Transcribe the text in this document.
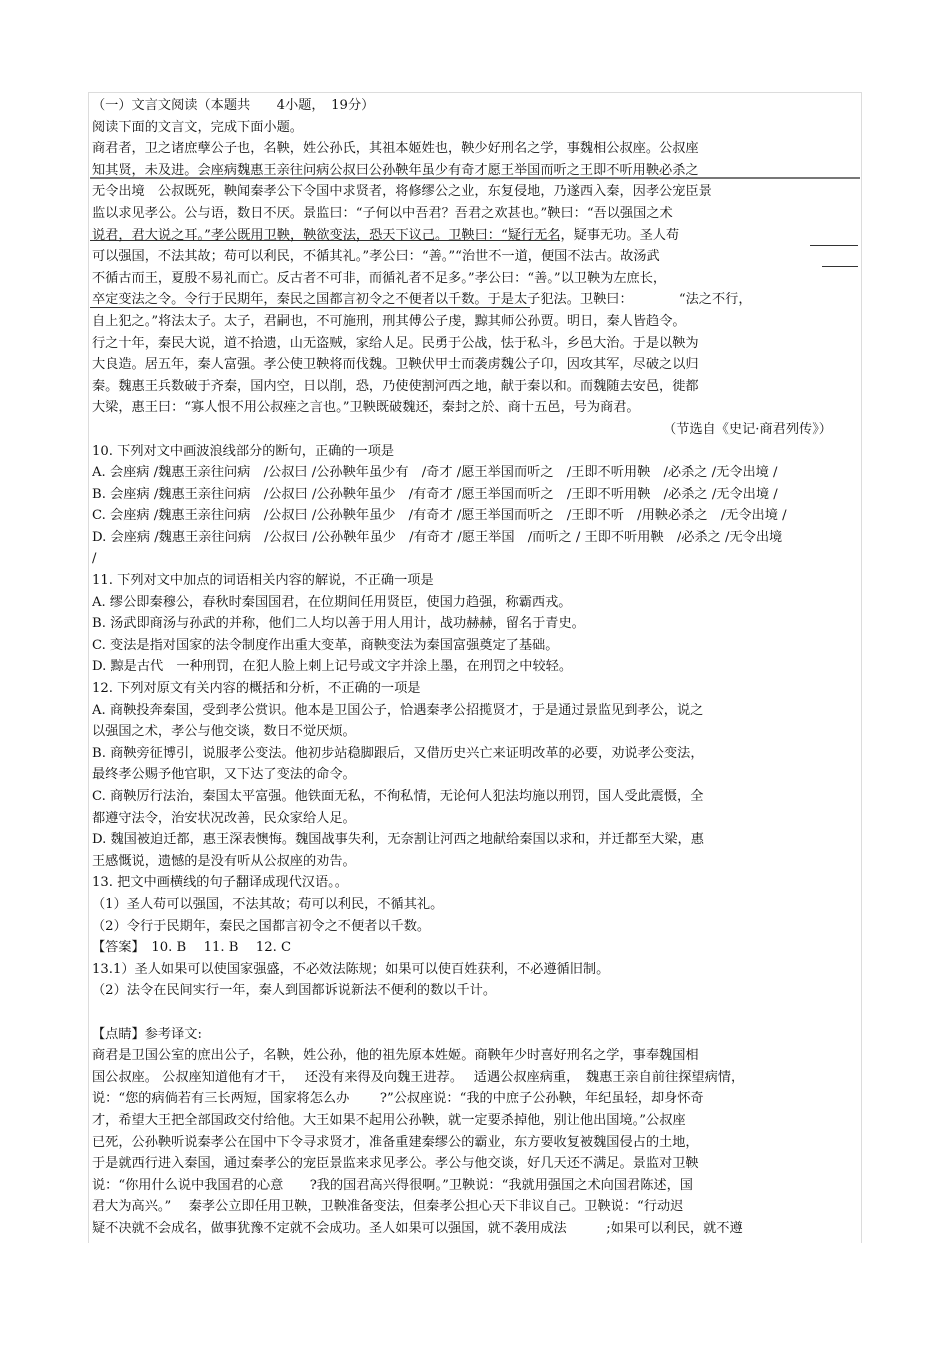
（一）文言文阅读（本题共　　4小题，　19分）
阅读下面的文言文，完成下面小题。
商君者，卫之诸庶孽公子也，名鞅，姓公孙氏，其祖本姬姓也，鞅少好刑名之学，事魏相公叔座。公叔座
知其贤，未及进。会座病魏惠王亲往问病公叔曰公孙鞅年虽少有奇才愿王举国而听之王即不听用鞅必杀之
无令出境　公叔既死，鞅闻秦孝公下令国中求贤者，将修缪公之业，东复侵地，乃遂西入秦，因孝公宠臣景
监以求见孝公。公与语，数日不厌。景监曰：“子何以中吾君？吾君之欢甚也。”鞅曰：“吾以强国之术
说君，君大说之耳。”孝公既用卫鞅，鞅欲变法，恐天下议己。卫鞅曰：“疑行无名，疑事无功。圣人苟
可以强国，不法其故；苟可以利民，不循其礼。”孝公曰：“善。”“治世不一道，便国不法古。故汤武
不循古而王，夏殷不易礼而亡。反古者不可非，而循礼者不足多。”孝公曰：“善。”以卫鞅为左庶长，
卒定变法之令。令行于民期年，秦民之国都言初令之不便者以千数。于是太子犯法。卫鞅曰：　　　　“法之不行，
自上犯之。”将法太子。太子，君嗣也，不可施刑，刑其傅公子虔，黥其师公孙贾。明日，秦人皆趋令。
行之十年，秦民大说，道不拾遗，山无盗贼，家给人足。民勇于公战，怯于私斗，乡邑大治。于是以鞅为
大良造。居五年，秦人富强。孝公使卫鞅将而伐魏。卫鞅伏甲士而袭虏魏公子卬，因攻其军，尽破之以归
秦。魏惠王兵数破于齐秦，国内空，日以削，恐，乃使使割河西之地，献于秦以和。而魏随去安邑，徙都
大梁，惠王曰：“寡人恨不用公叔痤之言也。”卫鞅既破魏还，秦封之於、商十五邑，号为商君。
（节选自《史记·商君列传》）
10. 下列对文中画波浪线部分的断句，正确的一项是
A. 会座病 /魏惠王亲往问病　/公叔曰 /公孙鞅年虽少有　/奇才 /愿王举国而听之　/王即不听用鞅　/必杀之 /无令出境 /
B. 会座病 /魏惠王亲往问病　/公叔曰 /公孙鞅年虽少　/有奇才 /愿王举国而听之　/王即不听用鞅　/必杀之 /无令出境 /
C. 会座病 /魏惠王亲往问病　/公叔曰 /公孙鞅年虽少　/有奇才 /愿王举国而听之　/王即不听　/用鞅必杀之　/无令出境 /
D. 会座病 /魏惠王亲往问病　/公叔曰 /公孙鞅年虽少　/有奇才 /愿王举国　/而听之 / 王即不听用鞅　/必杀之 /无令出境
/
11. 下列对文中加点的词语相关内容的解说，不正确一项是
A. 缪公即秦穆公，春秋时秦国国君，在位期间任用贤臣，使国力趋强，称霸西戎。
B. 汤武即商汤与孙武的并称，他们二人均以善于用人用计，战功赫赫，留名于青史。
C. 变法是指对国家的法令制度作出重大变革，商鞅变法为秦国富强奠定了基础。
D. 黥是古代　一种刑罚，在犯人脸上刺上记号或文字并涂上墨，在刑罚之中较轻。
12. 下列对原文有关内容的概括和分析，不正确的一项是
A. 商鞅投奔秦国，受到孝公赏识。他本是卫国公子，恰遇秦孝公招揽贤才，于是通过景监见到孝公，说之
以强国之术，孝公与他交谈，数日不觉厌烦。
B. 商鞅旁征博引，说服孝公变法。他初步站稳脚跟后，又借历史兴亡来证明改革的必要，劝说孝公变法，
最终孝公赐予他官职，又下达了变法的命令。
C. 商鞅厉行法治，秦国太平富强。他铁面无私，不徇私情，无论何人犯法均施以刑罚，国人受此震慑，全
都遵守法令，治安状况改善，民众家给人足。
D. 魏国被迫迁都，惠王深表懊悔。魏国战事失利，无奈割让河西之地献给秦国以求和，并迁都至大梁，惠
王感慨说，遗憾的是没有听从公叔座的劝告。
13. 把文中画横线的句子翻译成现代汉语。。
（1）圣人苟可以强国，不法其故；苟可以利民，不循其礼。
（2）令行于民期年，秦民之国都言初令之不便者以千数。
【答案】　10. B　 11. B　 12. C
13.1）圣人如果可以使国家强盛，不必效法陈规；如果可以使百姓获利，不必遵循旧制。
（2）法令在民间实行一年，秦人到国都诉说新法不便利的数以千计。
【点睛】参考译文:
商君是卫国公室的庶出公子，名鞅，姓公孙，他的祖先原本姓姬。商鞅年少时喜好刑名之学，事奉魏国相
国公叔座。 公叔座知道他有才干，　 还没有来得及向魏王进荐。　 适遇公叔座病重，　魏惠王亲自前往探望病情，
说：“您的病倘若有三长两短，国家将怎么办　　 ?”公叔座说：“我的中庶子公孙鞅，年纪虽轻，却身怀奇
才，希望大王把全部国政交付给他。大王如果不起用公孙鞅，就一定要杀掉他，别让他出国境。”公叔座
已死，公孙鞅听说秦孝公在国中下令寻求贤才，准备重建秦缪公的霸业，东方要收复被魏国侵占的土地，
于是就西行进入秦国，通过秦孝公的宠臣景监来求见孝公。孝公与他交谈，好几天还不满足。景监对卫鞅
说：“你用什么说中我国君的心意　　?我的国君高兴得很啊。”卫鞅说：“我就用强国之术向国君陈述，国
君大为高兴。”　 秦孝公立即任用卫鞅，卫鞅准备变法，但秦孝公担心天下非议自己。卫鞅说：“行动迟
疑不决就不会成名，做事犹豫不定就不会成功。圣人如果可以强国，就不袭用成法　　　;如果可以利民，就不遵
